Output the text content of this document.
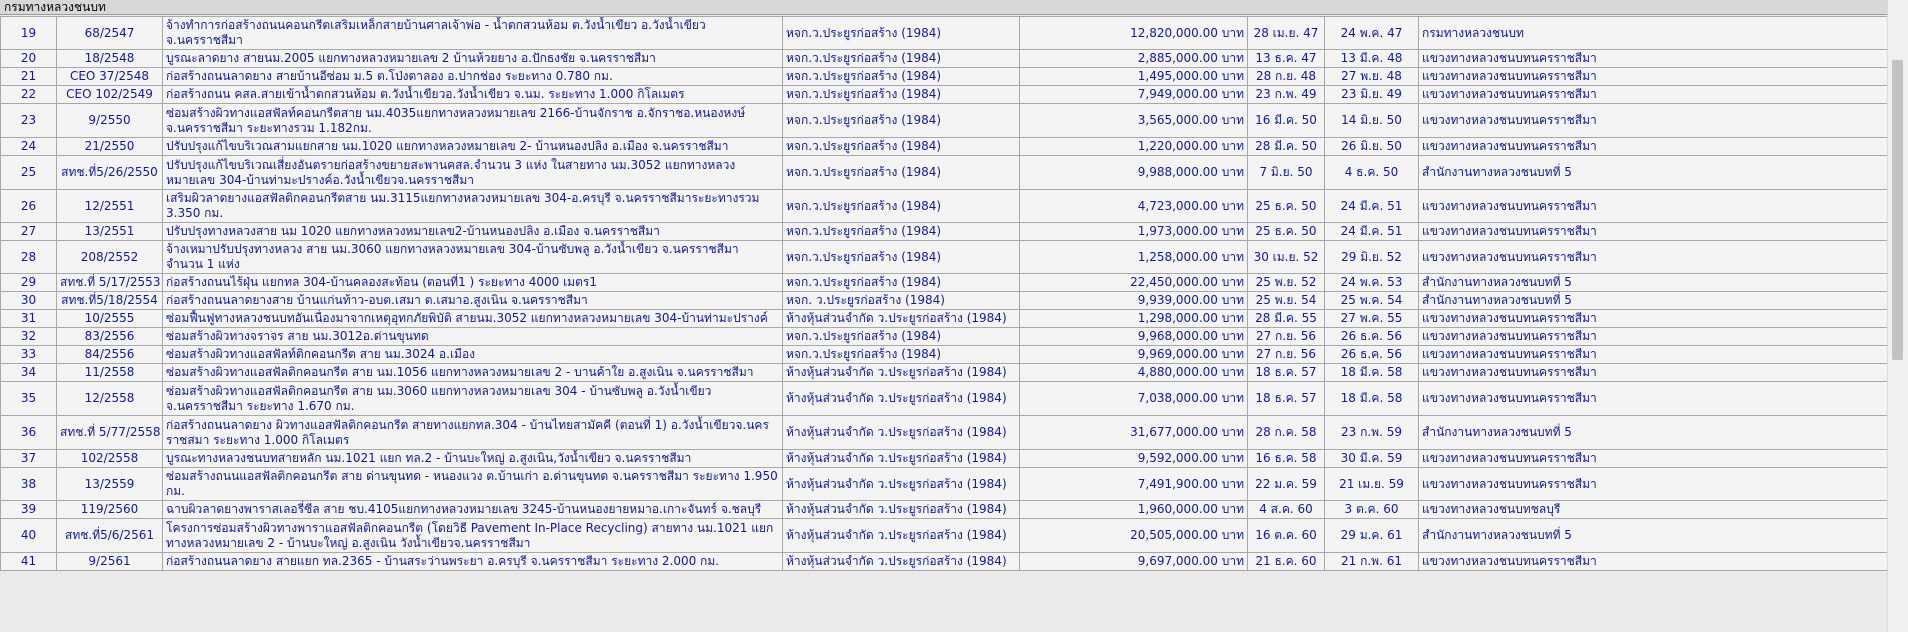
กรมทางหลวงชนบท
19	68/2547	จ้างทำการก่อสร้างถนนคอนกรีตเสริมเหล็กสายบ้านศาลเจ้าพ่อ - น้ำตกสวนห้อม ต.วังน้ำเขียว อ.วังน้ำเขียวจ.นครราชสีมา	หจก.ว.ประยูรก่อสร้าง (1984)	12,820,000.00 บาท	28 เม.ย. 47	24 พ.ค. 47	กรมทางหลวงชนบท
20	18/2548	บูรณะลาดยาง สายนม.2005 แยกทางหลวงหมายเลข 2 บ้านห้วยยาง อ.ปักธงชัย จ.นครราชสีมา	หจก.ว.ประยูรก่อสร้าง (1984)	2,885,000.00 บาท	13 ธ.ค. 47	13 มี.ค. 48	แขวงทางหลวงชนบทนครราชสีมา
21	CEO 37/2548	ก่อสร้างถนนลาดยาง สายบ้านอีซ่อม ม.5 ต.โป่งตาลอง อ.ปากช่อง ระยะทาง 0.780 กม.	หจก.ว.ประยูรก่อสร้าง (1984)	1,495,000.00 บาท	28 ก.ย. 48	27 พ.ย. 48	แขวงทางหลวงชนบทนครราชสีมา
22	CEO 102/2549	ก่อสร้างถนน คสล.สายเข้าน้ำตกสวนห้อม ต.วังน้ำเขียวอ.วังน้ำเขียว จ.นม. ระยะทาง 1.000 กิโลเมตร	หจก.ว.ประยูรก่อสร้าง (1984)	7,949,000.00 บาท	23 ก.พ. 49	23 มิ.ย. 49	แขวงทางหลวงชนบทนครราชสีมา
23	9/2550	ซ่อมสร้างผิวทางแอสฟัลท์คอนกรีตสาย นม.4035แยกทางหลวงหมายเลข 2166-บ้านจักราช อ.จักราชอ.หนองหงษ์ จ.นครราชสีมา ระยะทางรวม 1.182กม.	หจก.ว.ประยูรก่อสร้าง (1984)	3,565,000.00 บาท	16 มี.ค. 50	14 มิ.ย. 50	แขวงทางหลวงชนบทนครราชสีมา
24	21/2550	ปรับปรุงแก้ไขบริเวณสามแยกสาย นม.1020 แยกทางหลวงหมายเลข 2- บ้านหนองปลิง อ.เมือง จ.นครราชสีมา	หจก.ว.ประยูรก่อสร้าง (1984)	1,220,000.00 บาท	28 มี.ค. 50	26 มิ.ย. 50	แขวงทางหลวงชนบทนครราชสีมา
25	สทช.ที่5/26/2550	ปรับปรุงแก้ไขบริเวณเสี่ยงอันตรายก่อสร้างขยายสะพานคสล.จำนวน 3 แห่ง ในสายทาง นม.3052 แยกทางหลวงหมายเลข 304-บ้านท่ามะปรางค์อ.วังน้ำเขียวจ.นครราชสีมา	หจก.ว.ประยูรก่อสร้าง (1984)	9,988,000.00 บาท	7 มิ.ย. 50	4 ธ.ค. 50	สำนักงานทางหลวงชนบทที่ 5
26	12/2551	เสริมผิวลาดยางแอสฟัลติกคอนกรีตสาย นม.3115แยกทางหลวงหมายเลข 304-อ.ครบุรี จ.นครราชสีมาระยะทางรวม 3.350 กม.	หจก.ว.ประยูรก่อสร้าง (1984)	4,723,000.00 บาท	25 ธ.ค. 50	24 มี.ค. 51	แขวงทางหลวงชนบทนครราชสีมา
27	13/2551	ปรับปรุงทางหลวงสาย นม 1020 แยกทางหลวงหมายเลข2-บ้านหนองปลิง อ.เมือง จ.นครราชสีมา	หจก.ว.ประยูรก่อสร้าง (1984)	1,973,000.00 บาท	25 ธ.ค. 50	24 มี.ค. 51	แขวงทางหลวงชนบทนครราชสีมา
28	208/2552	จ้างเหมาปรับปรุงทางหลวง สาย นม.3060 แยกทางหลวงหมายเลข 304-บ้านซับพลู อ.วังน้ำเขียว จ.นครราชสีมา จำนวน 1 แห่ง	หจก.ว.ประยูรก่อสร้าง (1984)	1,258,000.00 บาท	30 เม.ย. 52	29 มิ.ย. 52	แขวงทางหลวงชนบทนครราชสีมา
29	สทช.ที่ 5/17/2553	ก่อสร้างถนนไร้ฝุ่น แยกทล 304-บ้านคลองสะท้อน (ตอนที่1 ) ระยะทาง 4000 เมตร1	หจก.ว.ประยูรก่อสร้าง (1984)	22,450,000.00 บาท	25 พ.ย. 52	24 พ.ค. 53	สำนักงานทางหลวงชนบทที่ 5
30	สทช.ที่5/18/2554	ก่อสร้างถนนลาดยางสาย บ้านแก่นท้าว-อบต.เสมา ต.เสมาอ.สูงเนิน จ.นครราชสีมา	หจก. ว.ประยูรก่อสร้าง (1984)	9,939,000.00 บาท	25 พ.ย. 54	25 พ.ค. 54	สำนักงานทางหลวงชนบทที่ 5
31	10/2555	ซ่อมฟื้นฟูทางหลวงชนบทอันเนื่องมาจากเหตุอุทกภัยพิบัติ สายนม.3052 แยกทางหลวงหมายเลข 304-บ้านท่ามะปรางค์	ห้างหุ้นส่วนจำกัด ว.ประยูรก่อสร้าง (1984)	1,298,000.00 บาท	28 มี.ค. 55	27 พ.ค. 55	แขวงทางหลวงชนบทนครราชสีมา
32	83/2556	ซ่อมสร้างผิวทางจราจร สาย นม.3012อ.ด่านขุนทด	หจก.ว.ประยูรก่อสร้าง (1984)	9,968,000.00 บาท	27 ก.ย. 56	26 ธ.ค. 56	แขวงทางหลวงชนบทนครราชสีมา
33	84/2556	ซ่อมสร้างผิวทางแอสฟัลท์ติกคอนกรีต สาย นม.3024 อ.เมือง	หจก.ว.ประยูรก่อสร้าง (1984)	9,969,000.00 บาท	27 ก.ย. 56	26 ธ.ค. 56	แขวงทางหลวงชนบทนครราชสีมา
34	11/2558	ซ่อมสร้างผิวทางแอสฟัลติกคอนกรีต สาย นม.1056 แยกทางหลวงหมายเลข 2 - บานค้าใย อ.สูงเนิน จ.นครราชสีมา	ห้างหุ้นส่วนจำกัด ว.ประยูรก่อสร้าง (1984)	4,880,000.00 บาท	18 ธ.ค. 57	18 มี.ค. 58	แขวงทางหลวงชนบทนครราชสีมา
35	12/2558	ซ่อมสร้างผิวทางแอสฟัลติกคอนกรีต สาย นม.3060 แยกทางหลวงหมายเลข 304 - บ้านซับพลู อ.วังน้ำเขียว จ.นครราชสีมา ระยะทาง 1.670 กม.	ห้างหุ้นส่วนจำกัด ว.ประยูรก่อสร้าง (1984)	7,038,000.00 บาท	18 ธ.ค. 57	18 มี.ค. 58	แขวงทางหลวงชนบทนครราชสีมา
36	สทช.ที่ 5/77/2558	ก่อสร้างถนนลาดยาง ผิวทางแอสฟัลติกคอนกรีต สายทางแยกทล.304 - บ้านไทยสามัคคี (ตอนที่ 1) อ.วังน้ำเขียวจ.นครราชสมา ระยะทาง 1.000 กิโลเมตร	ห้างหุ้นส่วนจำกัด ว.ประยูรก่อสร้าง (1984)	31,677,000.00 บาท	28 ก.ค. 58	23 ก.พ. 59	สำนักงานทางหลวงชนบทที่ 5
37	102/2558	บูรณะทางหลวงชนบทสายหลัก นม.1021 แยก ทล.2 - บ้านบะใหญ่ อ.สูงเนิน,วังน้ำเขียว จ.นครราชสีมา	ห้างหุ้นส่วนจำกัด ว.ประยูรก่อสร้าง (1984)	9,592,000.00 บาท	16 ธ.ค. 58	30 มี.ค. 59	แขวงทางหลวงชนบทนครราชสีมา
38	13/2559	ซ่อมสร้างถนนแอสฟัลติกคอนกรีต สาย ด่านขุนทด - หนองแวง ต.บ้านเก่า อ.ด่านขุนทด จ.นครราชสีมา ระยะทาง 1.950 กม.	ห้างหุ้นส่วนจำกัด ว.ประยูรก่อสร้าง (1984)	7,491,900.00 บาท	22 ม.ค. 59	21 เม.ย. 59	แขวงทางหลวงชนบทนครราชสีมา
39	119/2560	ฉาบผิวลาดยางพาราสเลอรี่ซีล สาย ชบ.4105แยกทางหลวงหมายเลข 3245-บ้านหนองยายหมาอ.เกาะจันทร์ จ.ชลบุรี	ห้างหุ้นส่วนจำกัด ว.ประยูรก่อสร้าง (1984)	1,960,000.00 บาท	4 ส.ค. 60	3 ต.ค. 60	แขวงทางหลวงชนบทชลบุรี
40	สทช.ที่5/6/2561	โครงการซ่อมสร้างผิวทางพาราแอสฟัลติกคอนกรีต (โดยวิธี Pavement In-Place Recycling) สายทาง นม.1021 แยกทางหลวงหมายเลข 2 - บ้านบะใหญ่ อ.สูงเนิน วังน้ำเขียวจ.นครราชสีมา	ห้างหุ้นส่วนจำกัด ว.ประยูรก่อสร้าง (1984)	20,505,000.00 บาท	16 ต.ค. 60	29 ม.ค. 61	สำนักงานทางหลวงชนบทที่ 5
41	9/2561	ก่อสร้างถนนลาดยาง สายแยก ทล.2365 - บ้านสระว่านพระยา อ.ครบุรี จ.นครราชสีมา ระยะทาง 2.000 กม.	ห้างหุ้นส่วนจำกัด ว.ประยูรก่อสร้าง (1984)	9,697,000.00 บาท	21 ธ.ค. 60	21 ก.พ. 61	แขวงทางหลวงชนบทนครราชสีมา
